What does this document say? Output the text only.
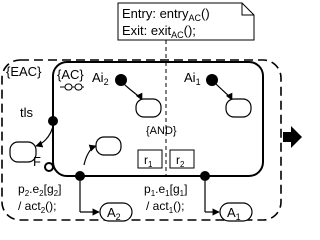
{EAC} {AC}
{AND}
Entry: entry$_{AC}$()
Exit: exit$_{AC}$();
$Ai_2$	$Ai_1$
$r_1$ $r_2$
tls
F
$A_2$	$A_1$
$p_2.e_2[g_2]$
/ act$_2$();
$p_1.e_1[g_1]$
/ act$_1$();
